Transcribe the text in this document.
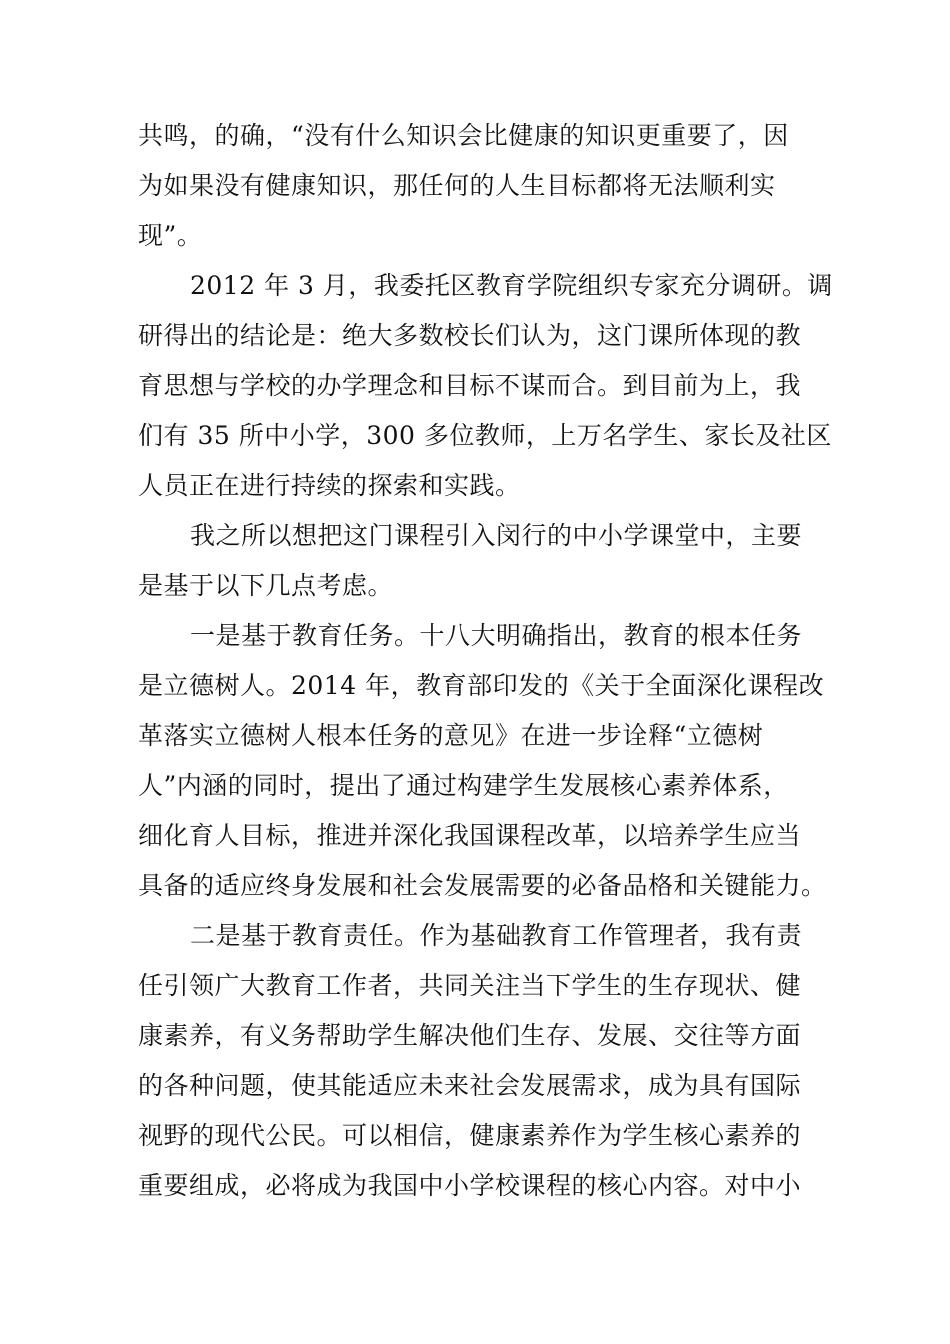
共鸣，的确，“没有什么知识会比健康的知识更重要了，因
为如果没有健康知识，那任何的人生目标都将无法顺利实
现”。
2012 年 3 月，我委托区教育学院组织专家充分调研。调
研得出的结论是：绝大多数校长们认为，这门课所体现的教
育思想与学校的办学理念和目标不谋而合。到目前为上，我
们有 35 所中小学，300 多位教师，上万名学生、家长及社区
人员正在进行持续的探索和实践。
我之所以想把这门课程引入闵行的中小学课堂中，主要
是基于以下几点考虑。
一是基于教育任务。十八大明确指出，教育的根本任务
是立德树人。2014 年，教育部印发的《关于全面深化课程改
革落实立德树人根本任务的意见》在进一步诠释“立德树
人”内涵的同时，提出了通过构建学生发展核心素养体系，
细化育人目标，推进并深化我国课程改革，以培养学生应当
具备的适应终身发展和社会发展需要的必备品格和关键能力。
二是基于教育责任。作为基础教育工作管理者，我有责
任引领广大教育工作者，共同关注当下学生的生存现状、健
康素养，有义务帮助学生解决他们生存、发展、交往等方面
的各种问题，使其能适应未来社会发展需求，成为具有国际
视野的现代公民。可以相信，健康素养作为学生核心素养的
重要组成，必将成为我国中小学校课程的核心内容。对中小
